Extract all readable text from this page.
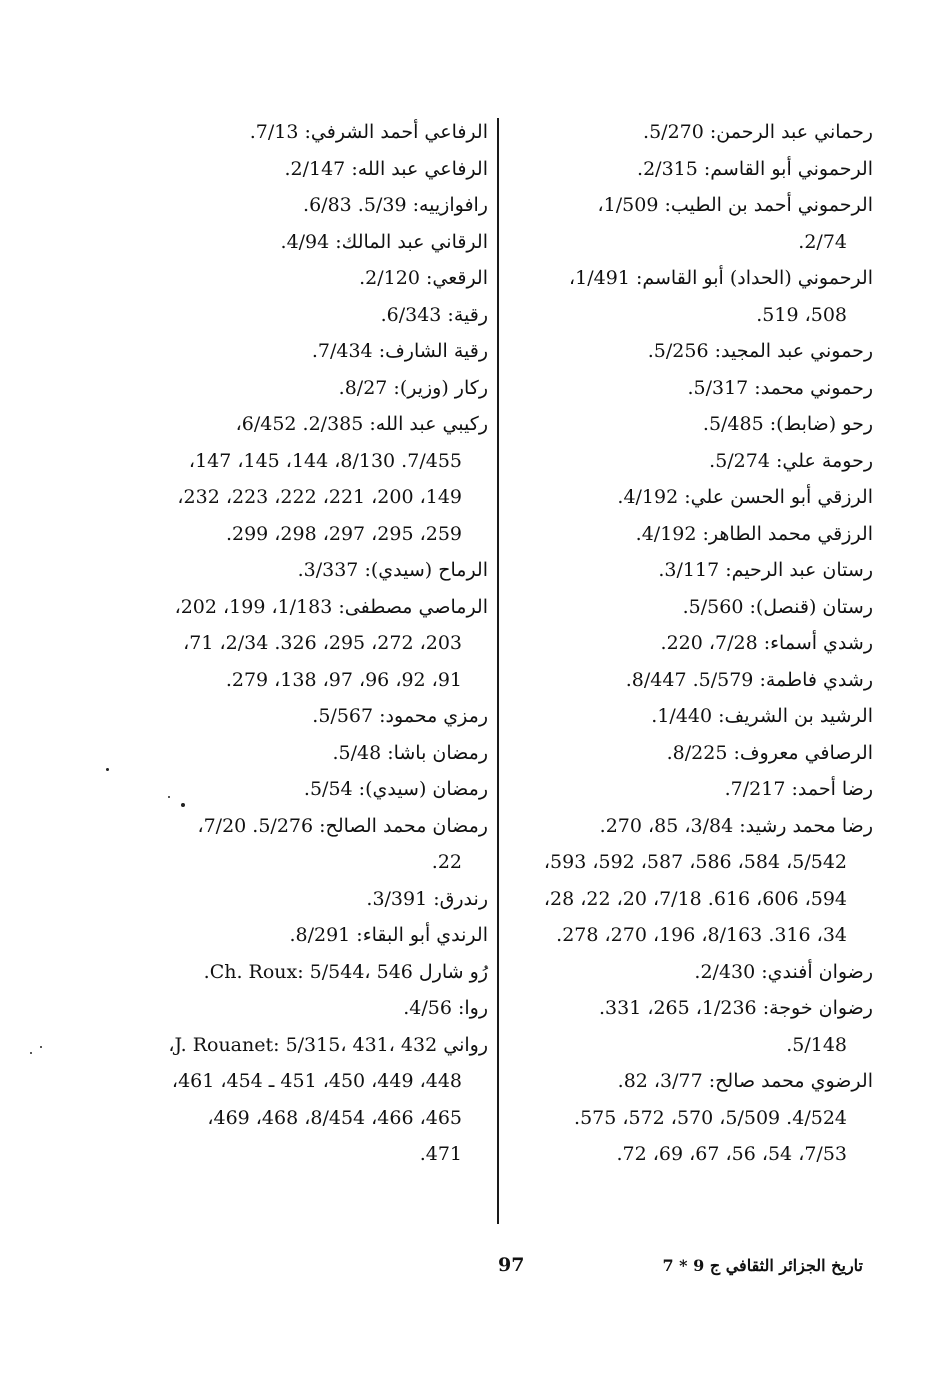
رحماني عبد الرحمن: 5/270.
الرحموني أبو القاسم: 2/315.
الرحموني أحمد بن الطيب: 1/509،
2/74.
الرحموني (الحداد) أبو القاسم: 1/491،
508، 519.
رحموني عبد المجيد: 5/256.
رحموني محمد: 5/317.
رحو (ضابط): 5/485.
رحومة علي: 5/274.
الرزقي أبو الحسن علي: 4/192.
الرزقي محمد الطاهر: 4/192.
رستان عبد الرحيم: 3/117.
رستان (قنصل): 5/560.
رشدي أسماء: 7/28، 220.
رشدي فاطمة: 5/579. 8/447.
الرشيد بن الشريف: 1/440.
الرصافي معروف: 8/225.
رضا أحمد: 7/217.
رضا محمد رشيد: 3/84، 85، 270.
5/542، 584، 586، 587، 592، 593،
594، 606، 616. 7/18، 20، 22، 28،
34، 316. 8/163، 196، 270، 278.
رضوان أفندي: 2/430.
رضوان خوجة: 1/236، 265، 331.
5/148.
الرضوي محمد صالح: 3/77، 82.
4/524. 5/509، 570، 572، 575.
7/53، 54، 56، 67، 69، 72.
الرفاعي أحمد الشرفي: 7/13.
الرفاعي عبد الله: 2/147.
رافوازييه: 5/39. 6/83.
الرقاني عبد المالك: 4/94.
الرقعي: 2/120.
رقية: 6/343.
رقية الشارف: 7/434.
ركار (وزير): 8/27.
ركيبي عبد الله: 2/385. 6/452،
7/455. 8/130، 144، 145، 147،
149، 200، 221، 222، 223، 232،
259، 295، 297، 298، 299.
الرماح (سيدي): 3/337.
الرماصي مصطفى: 1/183، 199، 202،
203، 272، 295، 326. 2/34، 71،
91، 92، 96، 97، 138، 279.
رمزي محمود: 5/567.
رمضان باشا: 5/48.
رمضان (سيدي): 5/54.
رمضان محمد الصالح: 5/276. 7/20،
22.
رندرق: 3/391.
الرندي أبو البقاء: 8/291.
رُو شارل Ch. Roux: 5/544، 546.
روا: 4/56.
رواني J. Rouanet: 5/315، 431، 432،
448، 449، 450، 451 ـ 454، 461،
465، 466، 8/454، 468، 469،
471.
97	تاريخ الجزائر الثقافي ج 9 * 7
